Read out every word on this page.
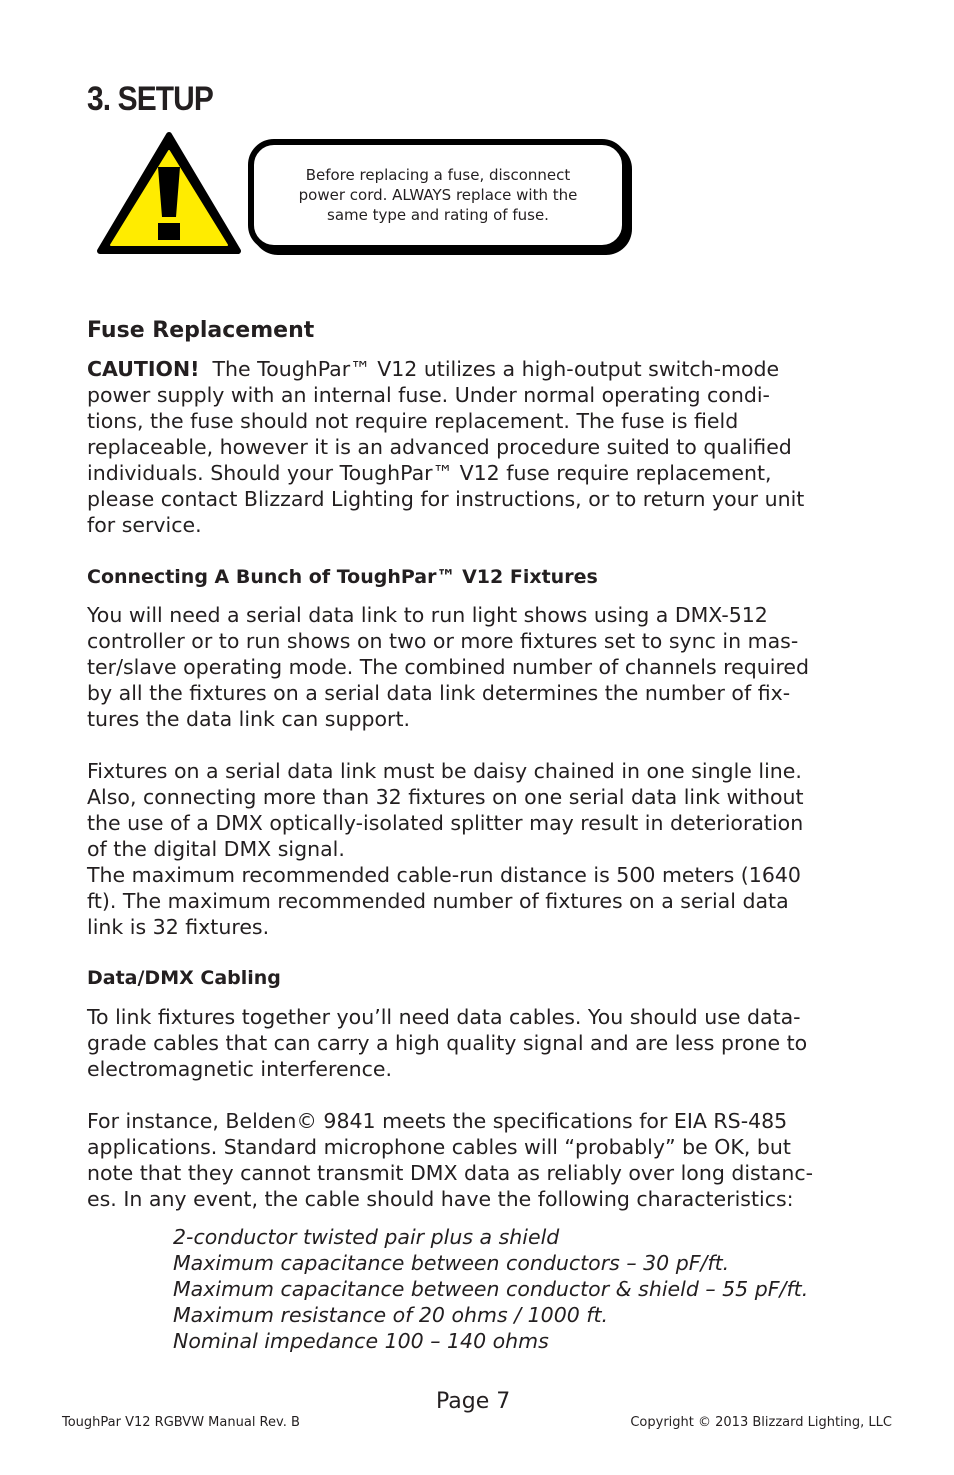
3. SETUP
Before replacing a fuse, disconnect
power cord. ALWAYS replace with the
same type and rating of fuse.
Fuse Replacement

CAUTION!  The ToughPar™ V12 utilizes a high-output switch-mode
power supply with an internal fuse. Under normal operating condi-
tions, the fuse should not require replacement. The fuse is field
replaceable, however it is an advanced procedure suited to qualified
individuals. Should your ToughPar™ V12 fuse require replacement,
please contact Blizzard Lighting for instructions, or to return your unit
for service.

Connecting A Bunch of ToughPar™ V12 Fixtures

You will need a serial data link to run light shows using a DMX-512
controller or to run shows on two or more fixtures set to sync in mas-
ter/slave operating mode. The combined number of channels required
by all the fixtures on a serial data link determines the number of fix-
tures the data link can support.

Fixtures on a serial data link must be daisy chained in one single line.
Also, connecting more than 32 fixtures on one serial data link without
the use of a DMX optically-isolated splitter may result in deterioration
of the digital DMX signal.
The maximum recommended cable-run distance is 500 meters (1640
ft). The maximum recommended number of fixtures on a serial data
link is 32 fixtures.

Data/DMX Cabling

To link fixtures together you’ll need data cables. You should use data-
grade cables that can carry a high quality signal and are less prone to
electromagnetic interference.

For instance, Belden© 9841 meets the specifications for EIA RS-485
applications. Standard microphone cables will “probably” be OK, but
note that they cannot transmit DMX data as reliably over long distanc-
es. In any event, the cable should have the following characteristics:

2-conductor twisted pair plus a shield
Maximum capacitance between conductors – 30 pF/ft.
Maximum capacitance between conductor & shield – 55 pF/ft.
Maximum resistance of 20 ohms / 1000 ft.
Nominal impedance 100 – 140 ohms
Page 7
ToughPar V12 RGBVW Manual Rev. B	Copyright © 2013 Blizzard Lighting, LLC
